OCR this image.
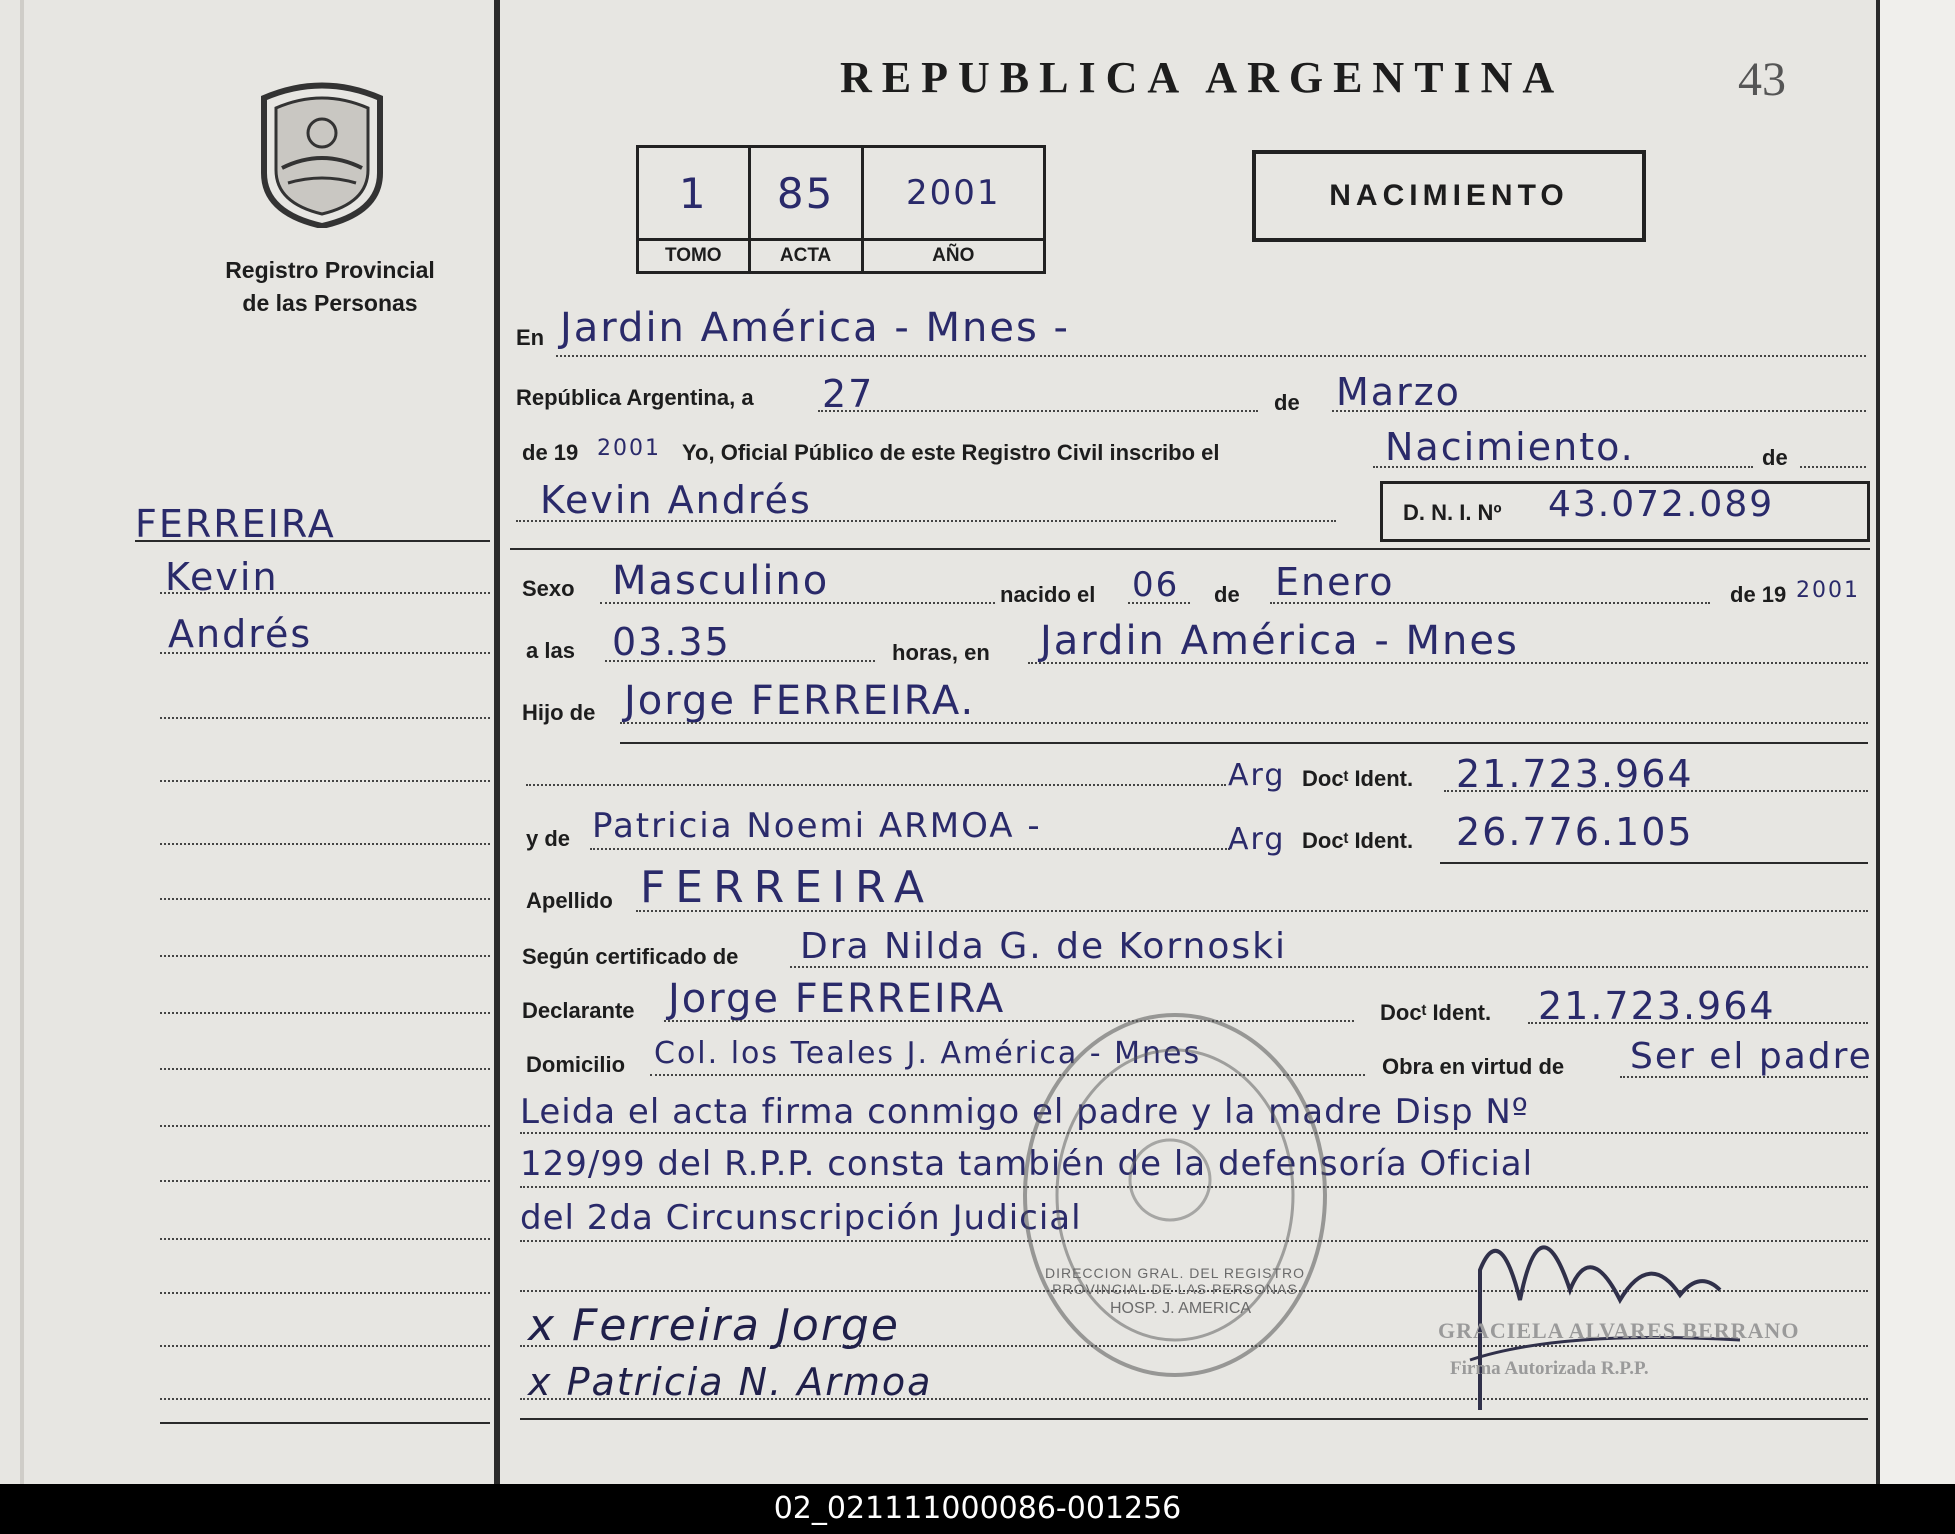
Registro Provincial
de las Personas
FERREIRA
Kevin
Andrés
REPUBLICA ARGENTINA	43
1	85	2001
TOMO	ACTA	AÑO
NACIMIENTO
En Jardin América - Mnes -
República Argentina, a 27	de Marzo
de 19 2001 Yo, Oficial Público de este Registro Civil inscribo el	Nacimiento.	de
Kevin Andrés	D. N. I. Nº 43.072.089
Sexo Masculino	nacido el 06 de Enero	de 19 2001
a las 03.35	horas, en Jardin América - Mnes
Hijo de Jorge FERREIRA.
Arg Docᵗ Ident. 21.723.964
y de Patricia Noemi ARMOA -	Arg Docᵗ Ident. 26.776.105
Apellido FERREIRA
Según certificado de Dra Nilda G. de Kornoski
Declarante Jorge FERREIRA	Docᵗ Ident. 21.723.964
Domicilio Col. los Teales J. América - Mnes	Obra en virtud de Ser el padre
Leida el acta firma conmigo el padre y la madre Disp Nº
129/99 del R.P.P. consta también de la defensoría Oficial
del 2da Circunscripción Judicial
x Ferreira Jorge
x Patricia N. Armoa
DIRECCION GRAL. DEL REGISTRO PROVINCIAL DE LAS PERSONAS
HOSP. J. AMERICA
GRACIELA ALVARES BERRANO
Firma Autorizada R.P.P.
02_021111000086-001256
